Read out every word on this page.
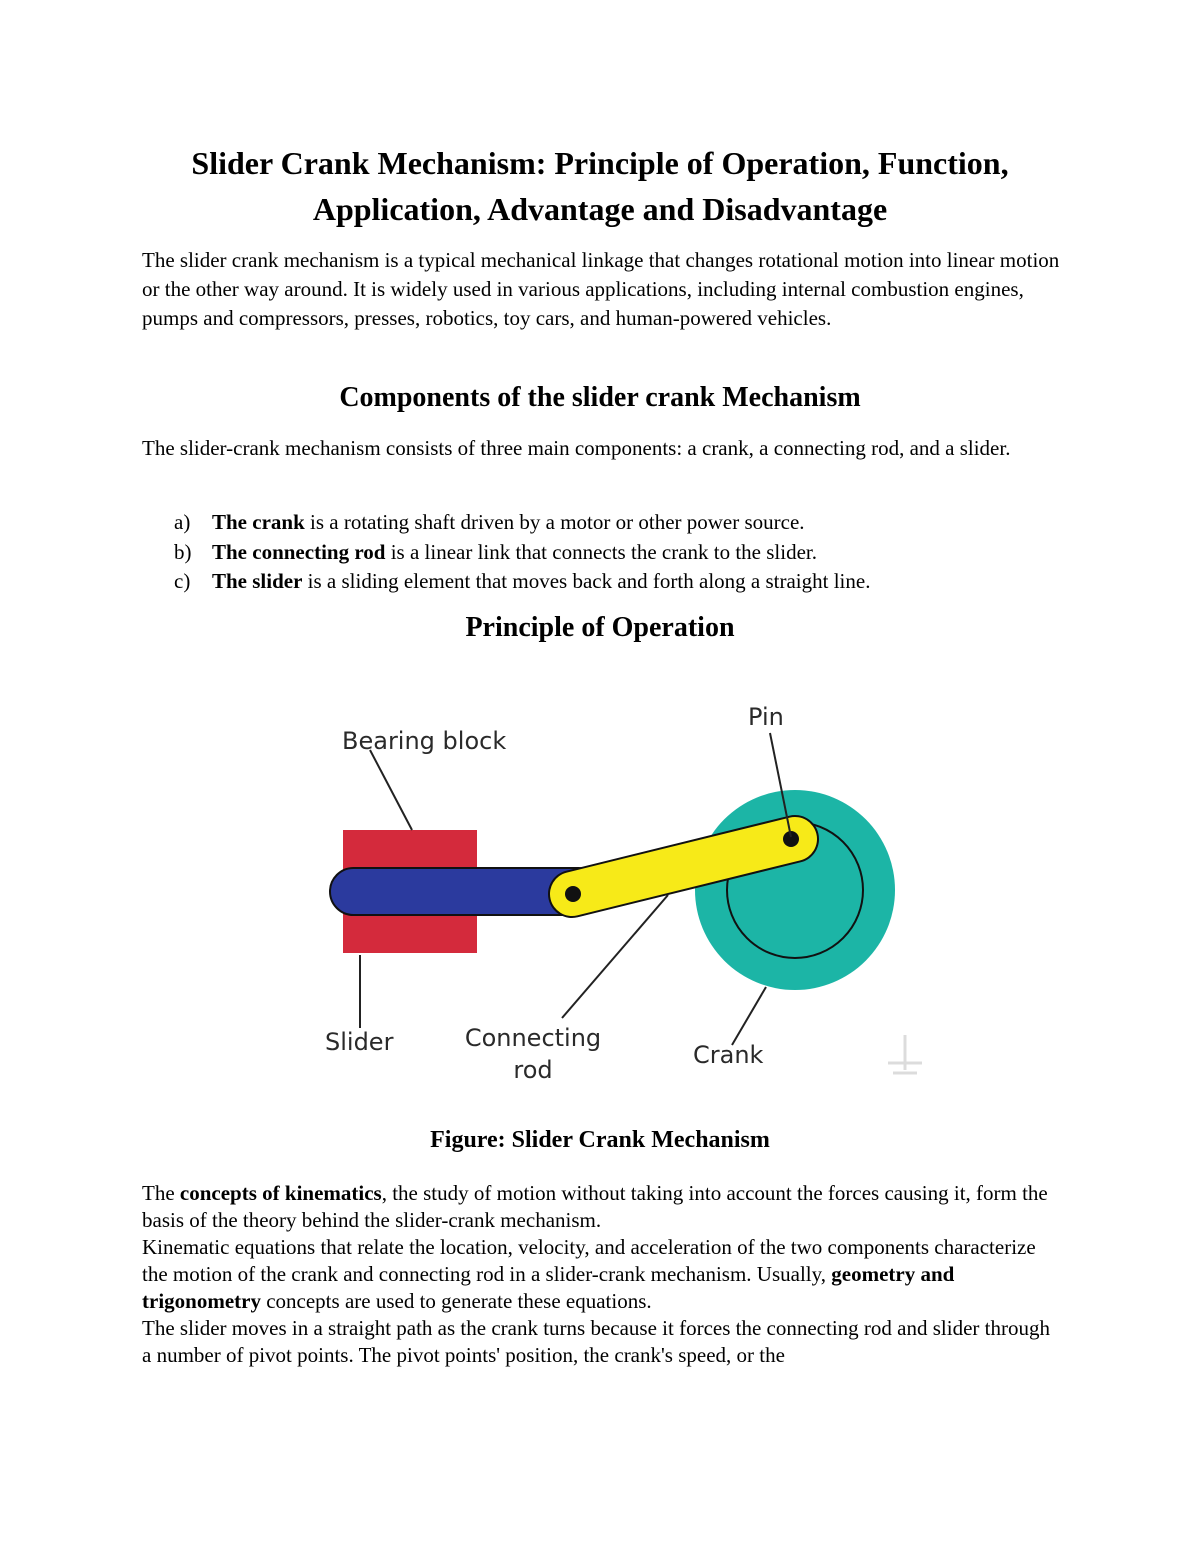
Slider Crank Mechanism: Principle of Operation, Function,
Application, Advantage and Disadvantage

The slider crank mechanism is a typical mechanical linkage that changes rotational motion into linear motion or the other way around. It is widely used in various applications, including internal combustion engines, pumps and compressors, presses, robotics, toy cars, and human-powered vehicles.

Components of the slider crank Mechanism

The slider-crank mechanism consists of three main components: a crank, a connecting rod, and a slider.

a) The crank is a rotating shaft driven by a motor or other power source.
b) The connecting rod is a linear link that connects the crank to the slider.
c) The slider is a sliding element that moves back and forth along a straight line.
Principle of Operation
Bearing block
Pin
Slider	Connecting
rod
Crank

Figure: Slider Crank Mechanism

The concepts of kinematics, the study of motion without taking into account the forces causing it, form the basis of the theory behind the slider-crank mechanism.

Kinematic equations that relate the location, velocity, and acceleration of the two components characterize the motion of the crank and connecting rod in a slider-crank mechanism. Usually, geometry and trigonometry concepts are used to generate these equations.

The slider moves in a straight path as the crank turns because it forces the connecting rod and slider through a number of pivot points. The pivot points' position, the crank's speed, or the
